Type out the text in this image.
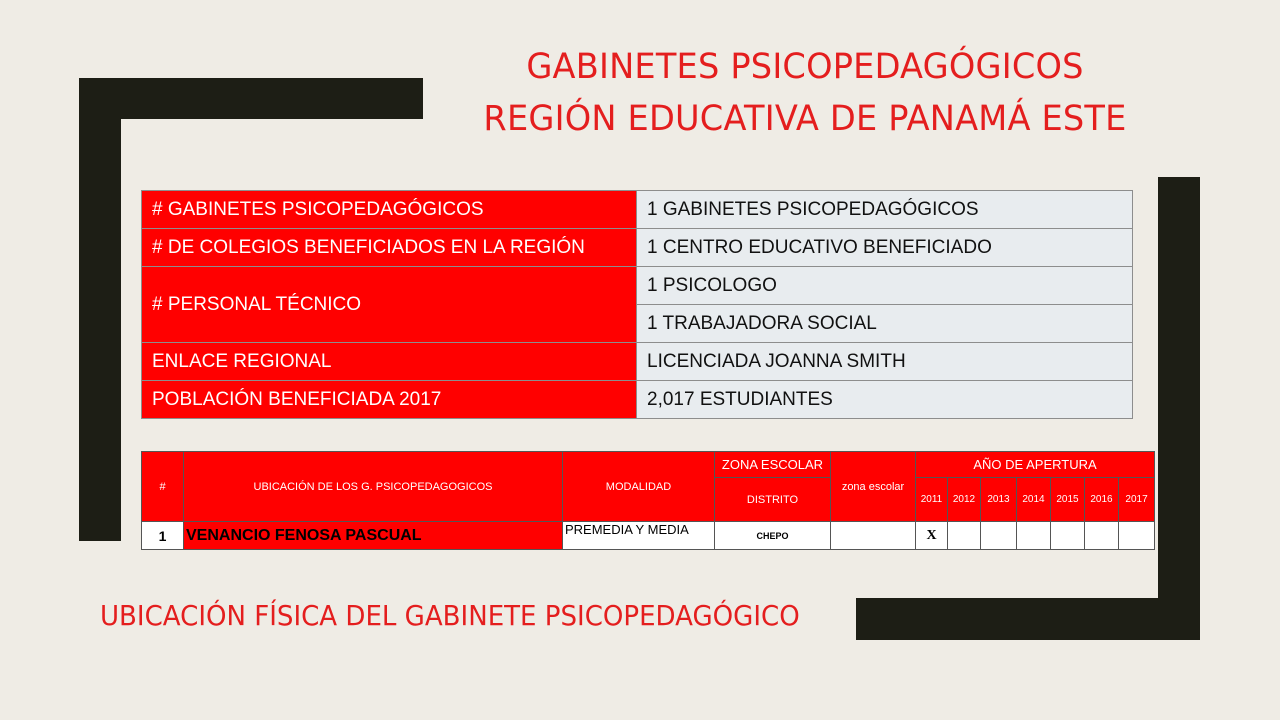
GABINETES PSICOPEDAGÓGICOS
REGIÓN EDUCATIVA DE PANAMÁ ESTE
# GABINETES PSICOPEDAGÓGICOS	1 GABINETES PSICOPEDAGÓGICOS
# DE COLEGIOS BENEFICIADOS EN LA REGIÓN	1 CENTRO EDUCATIVO BENEFICIADO
# PERSONAL TÉCNICO	1 PSICOLOGO
	1 TRABAJADORA SOCIAL
ENLACE REGIONAL	LICENCIADA JOANNA SMITH
POBLACIÓN BENEFICIADA 2017	2,017 ESTUDIANTES
#	UBICACIÓN DE LOS G. PSICOPEDAGOGICOS	MODALIDAD	ZONA ESCOLAR	zona escolar	AÑO DE APERTURA						
			DISTRITO		2011	2012	2013	2014	2015	2016	2017
1	VENANCIO FENOSA PASCUAL	PREMEDIA Y MEDIA	CHEPO		X						
UBICACIÓN FÍSICA DEL GABINETE PSICOPEDAGÓGICO
